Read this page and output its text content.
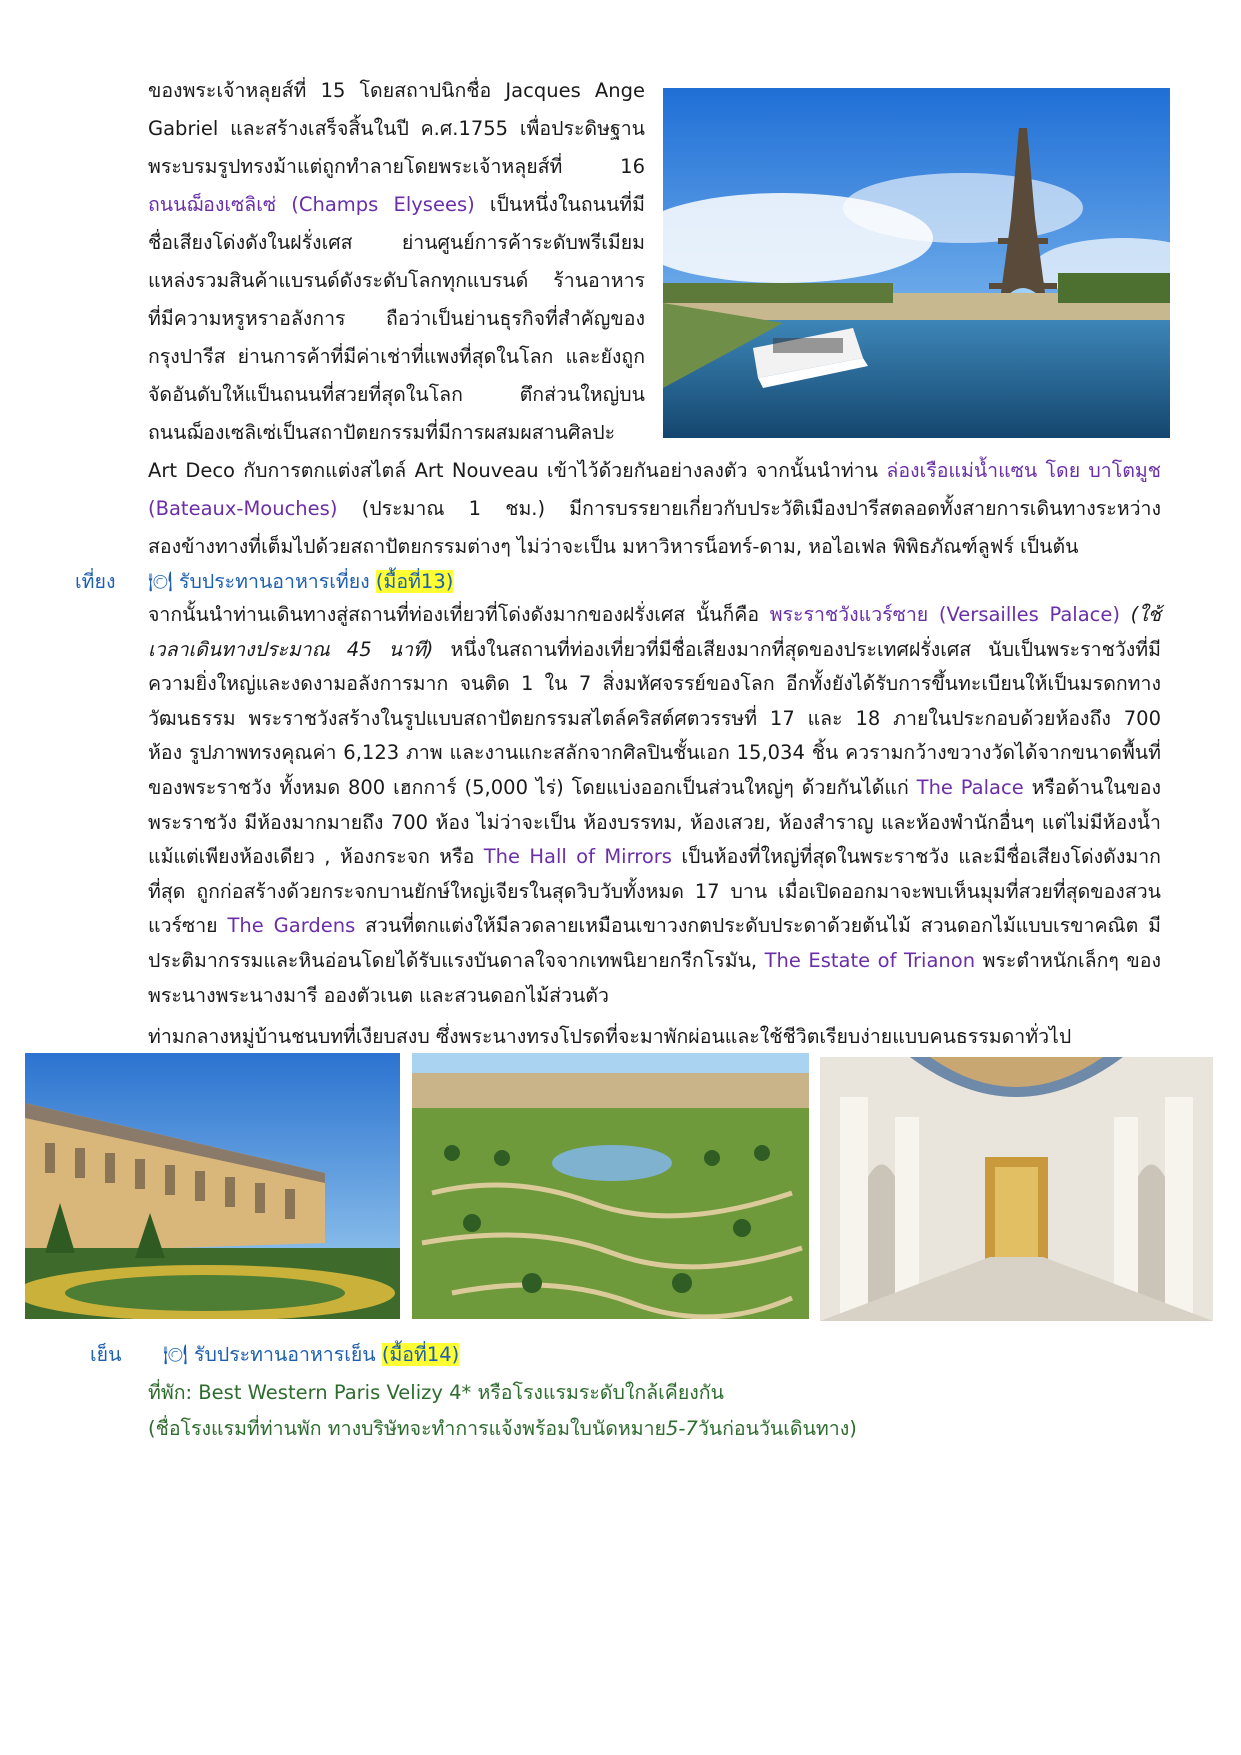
ของพระเจ้าหลุยส์ที่ 15 โดยสถาปนิกชื่อ Jacques Ange

Gabriel และสร้างเสร็จสิ้นในปี ค.ศ.1755 เพื่อประดิษฐาน

พระบรมรูปทรงม้าแต่ถูกทำลายโดยพระเจ้าหลุยส์ที่ 16

ถนนฌ็องเซลิเซ่ (Champs Elysees) เป็นหนึ่งในถนนที่มี

ชื่อเสียงโด่งดังในฝรั่งเศส ย่านศูนย์การค้าระดับพรีเมียม

แหล่งรวมสินค้าแบรนด์ดังระดับโลกทุกแบรนด์ ร้านอาหาร

ที่มีความหรูหราอลังการ ถือว่าเป็นย่านธุรกิจที่สำคัญของ

กรุงปารีส ย่านการค้าที่มีค่าเช่าที่แพงที่สุดในโลก และยังถูก

จัดอันดับให้แป็นถนนที่สวยที่สุดในโลก ตึกส่วนใหญ่บน

ถนนฌ็องเซลิเซ่เป็นสถาปัตยกรรมที่มีการผสมผสานศิลปะ

Art Deco กับการตกแต่งสไตล์ Art Nouveau เข้าไว้ด้วยกันอย่างลงตัว จากนั้นนำท่าน ล่องเรือแม่น้ำแซน โดย บาโตมูช (Bateaux-Mouches) (ประมาณ 1 ชม.) มีการบรรยายเกี่ยวกับประวัติเมืองปารีสตลอดทั้งสายการเดินทางระหว่าง

สองข้างทางที่เต็มไปด้วยสถาปัตยกรรมต่างๆ ไม่ว่าจะเป็น มหาวิหารน็อทร์-ดาม, หอไอเฟล พิพิธภัณฑ์ลูฟร์ เป็นต้น

เที่ยง 🍽 รับประทานอาหารเที่ยง (มื้อที่13)

จากนั้นนำท่านเดินทางสู่สถานที่ท่องเที่ยวที่โด่งดังมากของฝรั่งเศส นั้นก็คือ พระราชวังแวร์ซาย (Versailles Palace) (ใช้เวลาเดินทางประมาณ 45 นาที) หนึ่งในสถานที่ท่องเที่ยวที่มีชื่อเสียงมากที่สุดของประเทศฝรั่งเศส นับเป็นพระราชวังที่มีความยิ่งใหญ่และงดงามอลังการมาก จนติด 1 ใน 7 สิ่งมหัศจรรย์ของโลก อีกทั้งยังได้รับการขึ้นทะเบียนให้เป็นมรดกทางวัฒนธรรม พระราชวังสร้างในรูปแบบสถาปัตยกรรมสไตล์คริสต์ศตวรรษที่ 17 และ 18 ภายในประกอบด้วยห้องถึง 700 ห้อง รูปภาพทรงคุณค่า 6,123 ภาพ และงานแกะสลักจากศิลปินชั้นเอก 15,034 ชิ้น ควรามกว้างขวางวัดได้จากขนาดพื้นที่ของพระราชวัง ทั้งหมด 800 เฮกการ์ (5,000 ไร่) โดยแบ่งออกเป็นส่วนใหญ่ๆ ด้วยกันได้แก่ The Palace หรือด้านในของพระราชวัง มีห้องมากมายถึง 700 ห้อง ไม่ว่าจะเป็น ห้องบรรทม, ห้องเสวย, ห้องสำราญ และห้องพำนักอื่นๆ แต่ไม่มีห้องน้ำแม้แต่เพียงห้องเดียว , ห้องกระจก หรือ The Hall of Mirrors เป็นห้องที่ใหญ่ที่สุดในพระราชวัง และมีชื่อเสียงโด่งดังมากที่สุด ถูกก่อสร้างด้วยกระจกบานยักษ์ใหญ่เจียรในสุดวิบวับทั้งหมด 17 บาน เมื่อเปิดออกมาจะพบเห็นมุมที่สวยที่สุดของสวนแวร์ซาย The Gardens สวนที่ตกแต่งให้มีลวดลายเหมือนเขาวงกตประดับประดาด้วยต้นไม้ สวนดอกไม้แบบเรขาคณิต มีประติมากรรมและหินอ่อนโดยได้รับแรงบันดาลใจจากเทพนิยายกรีกโรมัน, The Estate of Trianon พระตำหนักเล็กๆ ของพระนางพระนางมารี อองตัวเนต และสวนดอกไม้ส่วนตัว

ท่ามกลางหมู่บ้านชนบทที่เงียบสงบ ซึ่งพระนางทรงโปรดที่จะมาพักผ่อนและใช้ชีวิตเรียบง่ายแบบคนธรรมดาทั่วไป

เย็น 🍽 รับประทานอาหารเย็น (มื้อที่14)

ที่พัก: Best Western Paris Velizy 4* หรือโรงแรมระดับใกล้เคียงกัน

(ชื่อโรงแรมที่ท่านพัก ทางบริษัทจะทำการแจ้งพร้อมใบนัดหมาย5-7วันก่อนวันเดินทาง)
